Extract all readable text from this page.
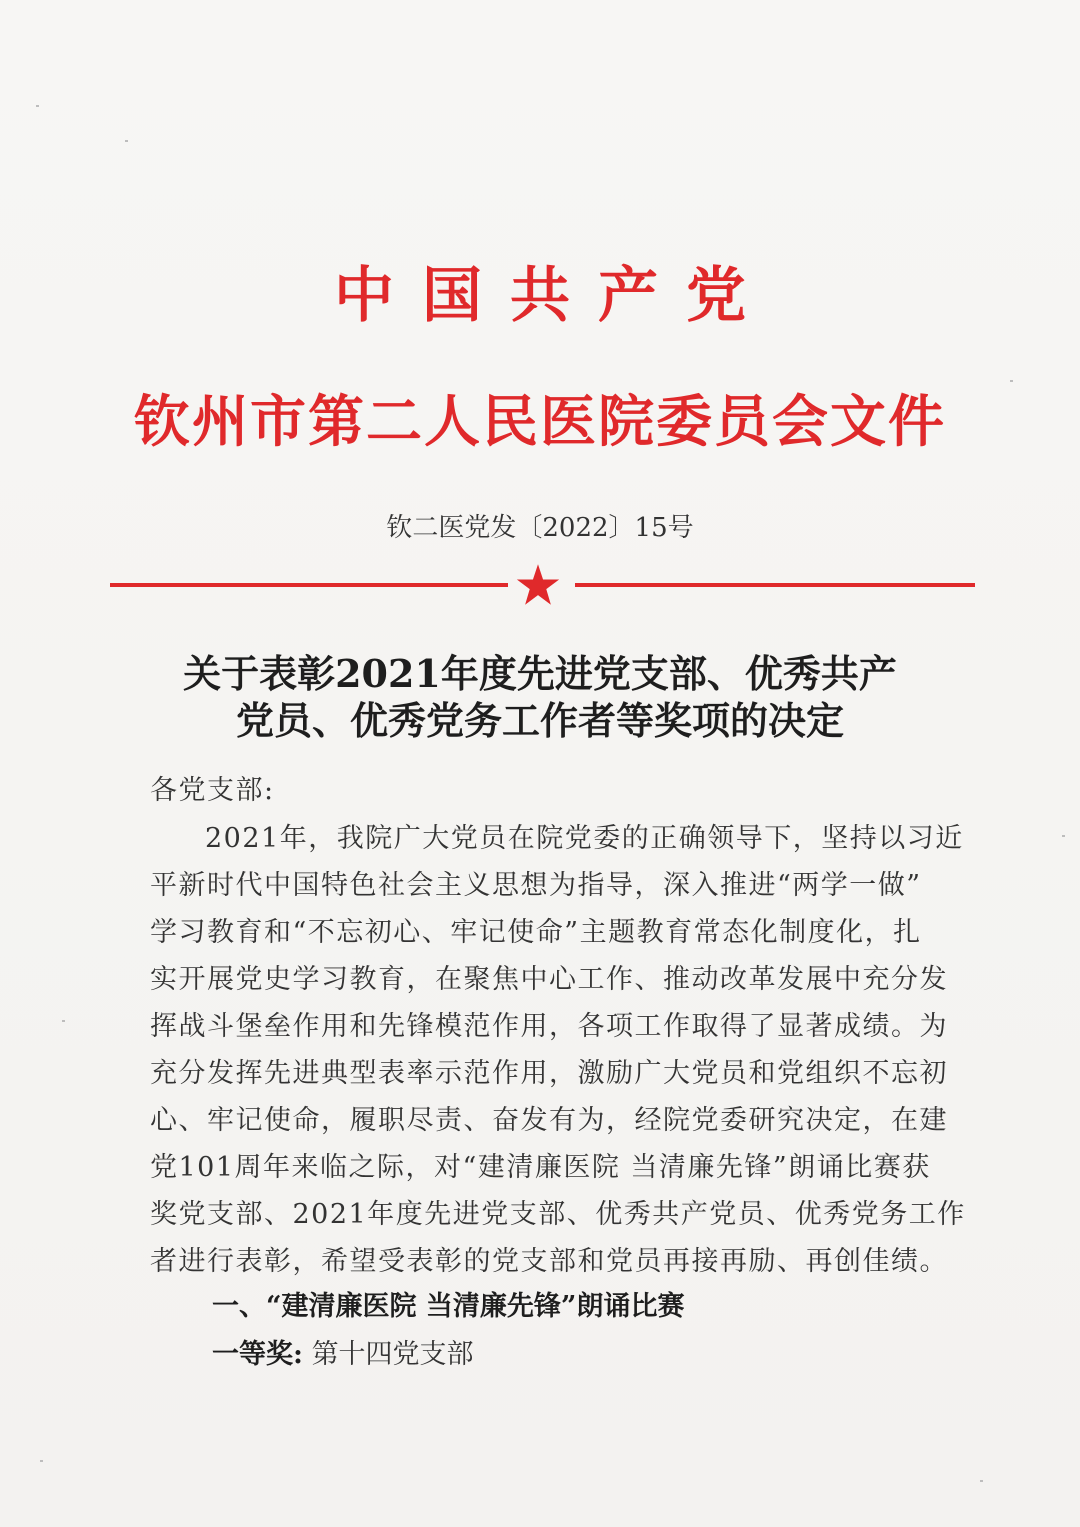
中国共产党
钦州市第二人民医院委员会文件
钦二医党发〔2022〕15号
关于表彰2021年度先进党支部、优秀共产
党员、优秀党务工作者等奖项的决定
各党支部:
2021年，我院广大党员在院党委的正确领导下，坚持以习近
平新时代中国特色社会主义思想为指导，深入推进“两学一做”
学习教育和“不忘初心、牢记使命”主题教育常态化制度化，扎
实开展党史学习教育，在聚焦中心工作、推动改革发展中充分发
挥战斗堡垒作用和先锋模范作用，各项工作取得了显著成绩。为
充分发挥先进典型表率示范作用，激励广大党员和党组织不忘初
心、牢记使命，履职尽责、奋发有为，经院党委研究决定，在建
党101周年来临之际，对“建清廉医院 当清廉先锋”朗诵比赛获
奖党支部、2021年度先进党支部、优秀共产党员、优秀党务工作
者进行表彰，希望受表彰的党支部和党员再接再励、再创佳绩。
一、“建清廉医院 当清廉先锋”朗诵比赛
一等奖: 第十四党支部
